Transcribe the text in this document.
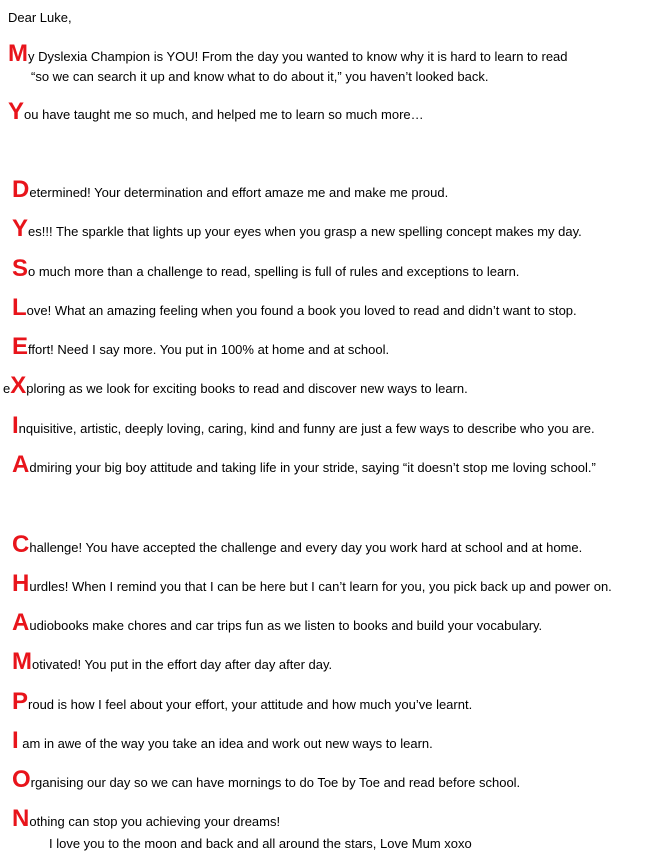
Dear Luke,
My Dyslexia Champion is YOU! From the day you wanted to know why it is hard to learn to read
“so we can search it up and know what to do about it,” you haven’t looked back.
You have taught me so much, and helped me to learn so much more…
Determined! Your determination and effort amaze me and make me proud.
Yes!!! The sparkle that lights up your eyes when you grasp a new spelling concept makes my day.
So much more than a challenge to read, spelling is full of rules and exceptions to learn.
Love! What an amazing feeling when you found a book you loved to read and didn’t want to stop.
Effort! Need I say more. You put in 100% at home and at school.
eXploring as we look for exciting books to read and discover new ways to learn.
Inquisitive, artistic, deeply loving, caring, kind and funny are just a few ways to describe who you are.
Admiring your big boy attitude and taking life in your stride, saying “it doesn’t stop me loving school.”
Challenge! You have accepted the challenge and every day you work hard at school and at home.
Hurdles! When I remind you that I can be here but I can’t learn for you, you pick back up and power on.
Audiobooks make chores and car trips fun as we listen to books and build your vocabulary.
Motivated! You put in the effort day after day after day.
Proud is how I feel about your effort, your attitude and how much you’ve learnt.
I am in awe of the way you take an idea and work out new ways to learn.
Organising our day so we can have mornings to do Toe by Toe and read before school.
Nothing can stop you achieving your dreams!
I love you to the moon and back and all around the stars, Love Mum xoxo
